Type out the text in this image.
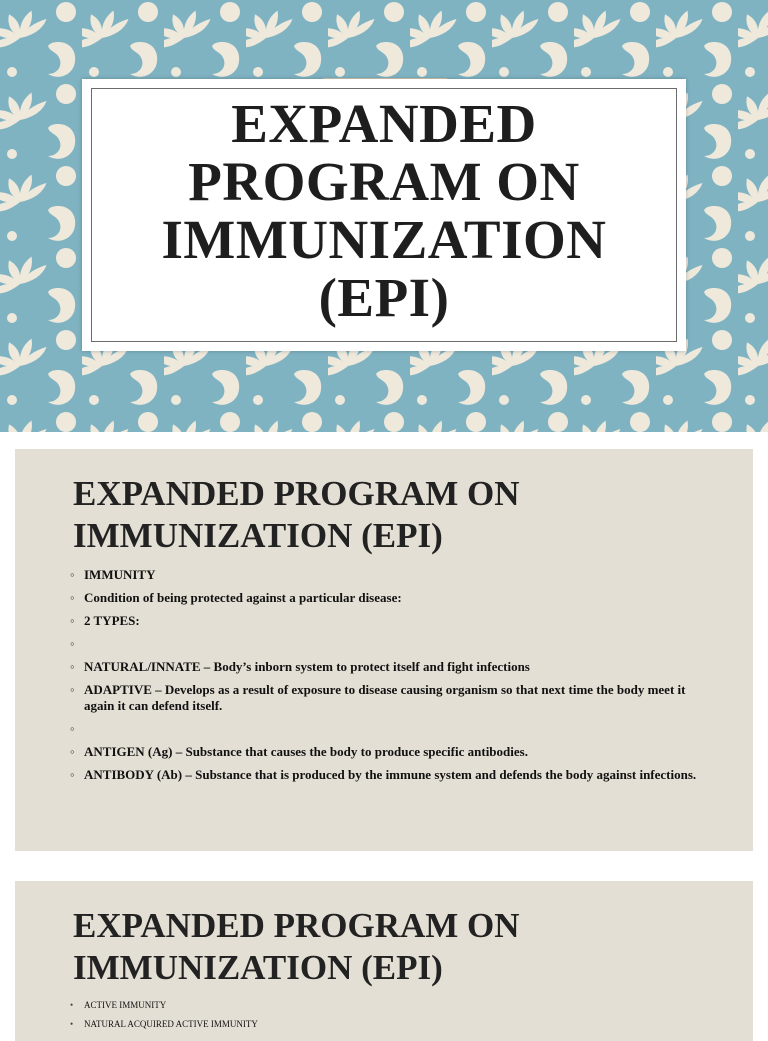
EXPANDED
PROGRAM ON
IMMUNIZATION
(EPI)
EXPANDED PROGRAM ON
IMMUNIZATION (EPI)
◦ IMMUNITY
◦ Condition of being protected against a particular disease:
◦ 2 TYPES:
◦
◦ NATURAL/INNATE – Body’s inborn system to protect itself and fight infections
◦ ADAPTIVE – Develops as a result of exposure to disease causing organism so that next time the body meet it again it can defend itself.
◦
◦ ANTIGEN (Ag) – Substance that causes the body to produce specific antibodies.
◦ ANTIBODY (Ab) – Substance that is produced by the immune system and defends the body against infections.
EXPANDED PROGRAM ON
IMMUNIZATION (EPI)
• ACTIVE IMMUNITY
• NATURAL ACQUIRED ACTIVE IMMUNITY
